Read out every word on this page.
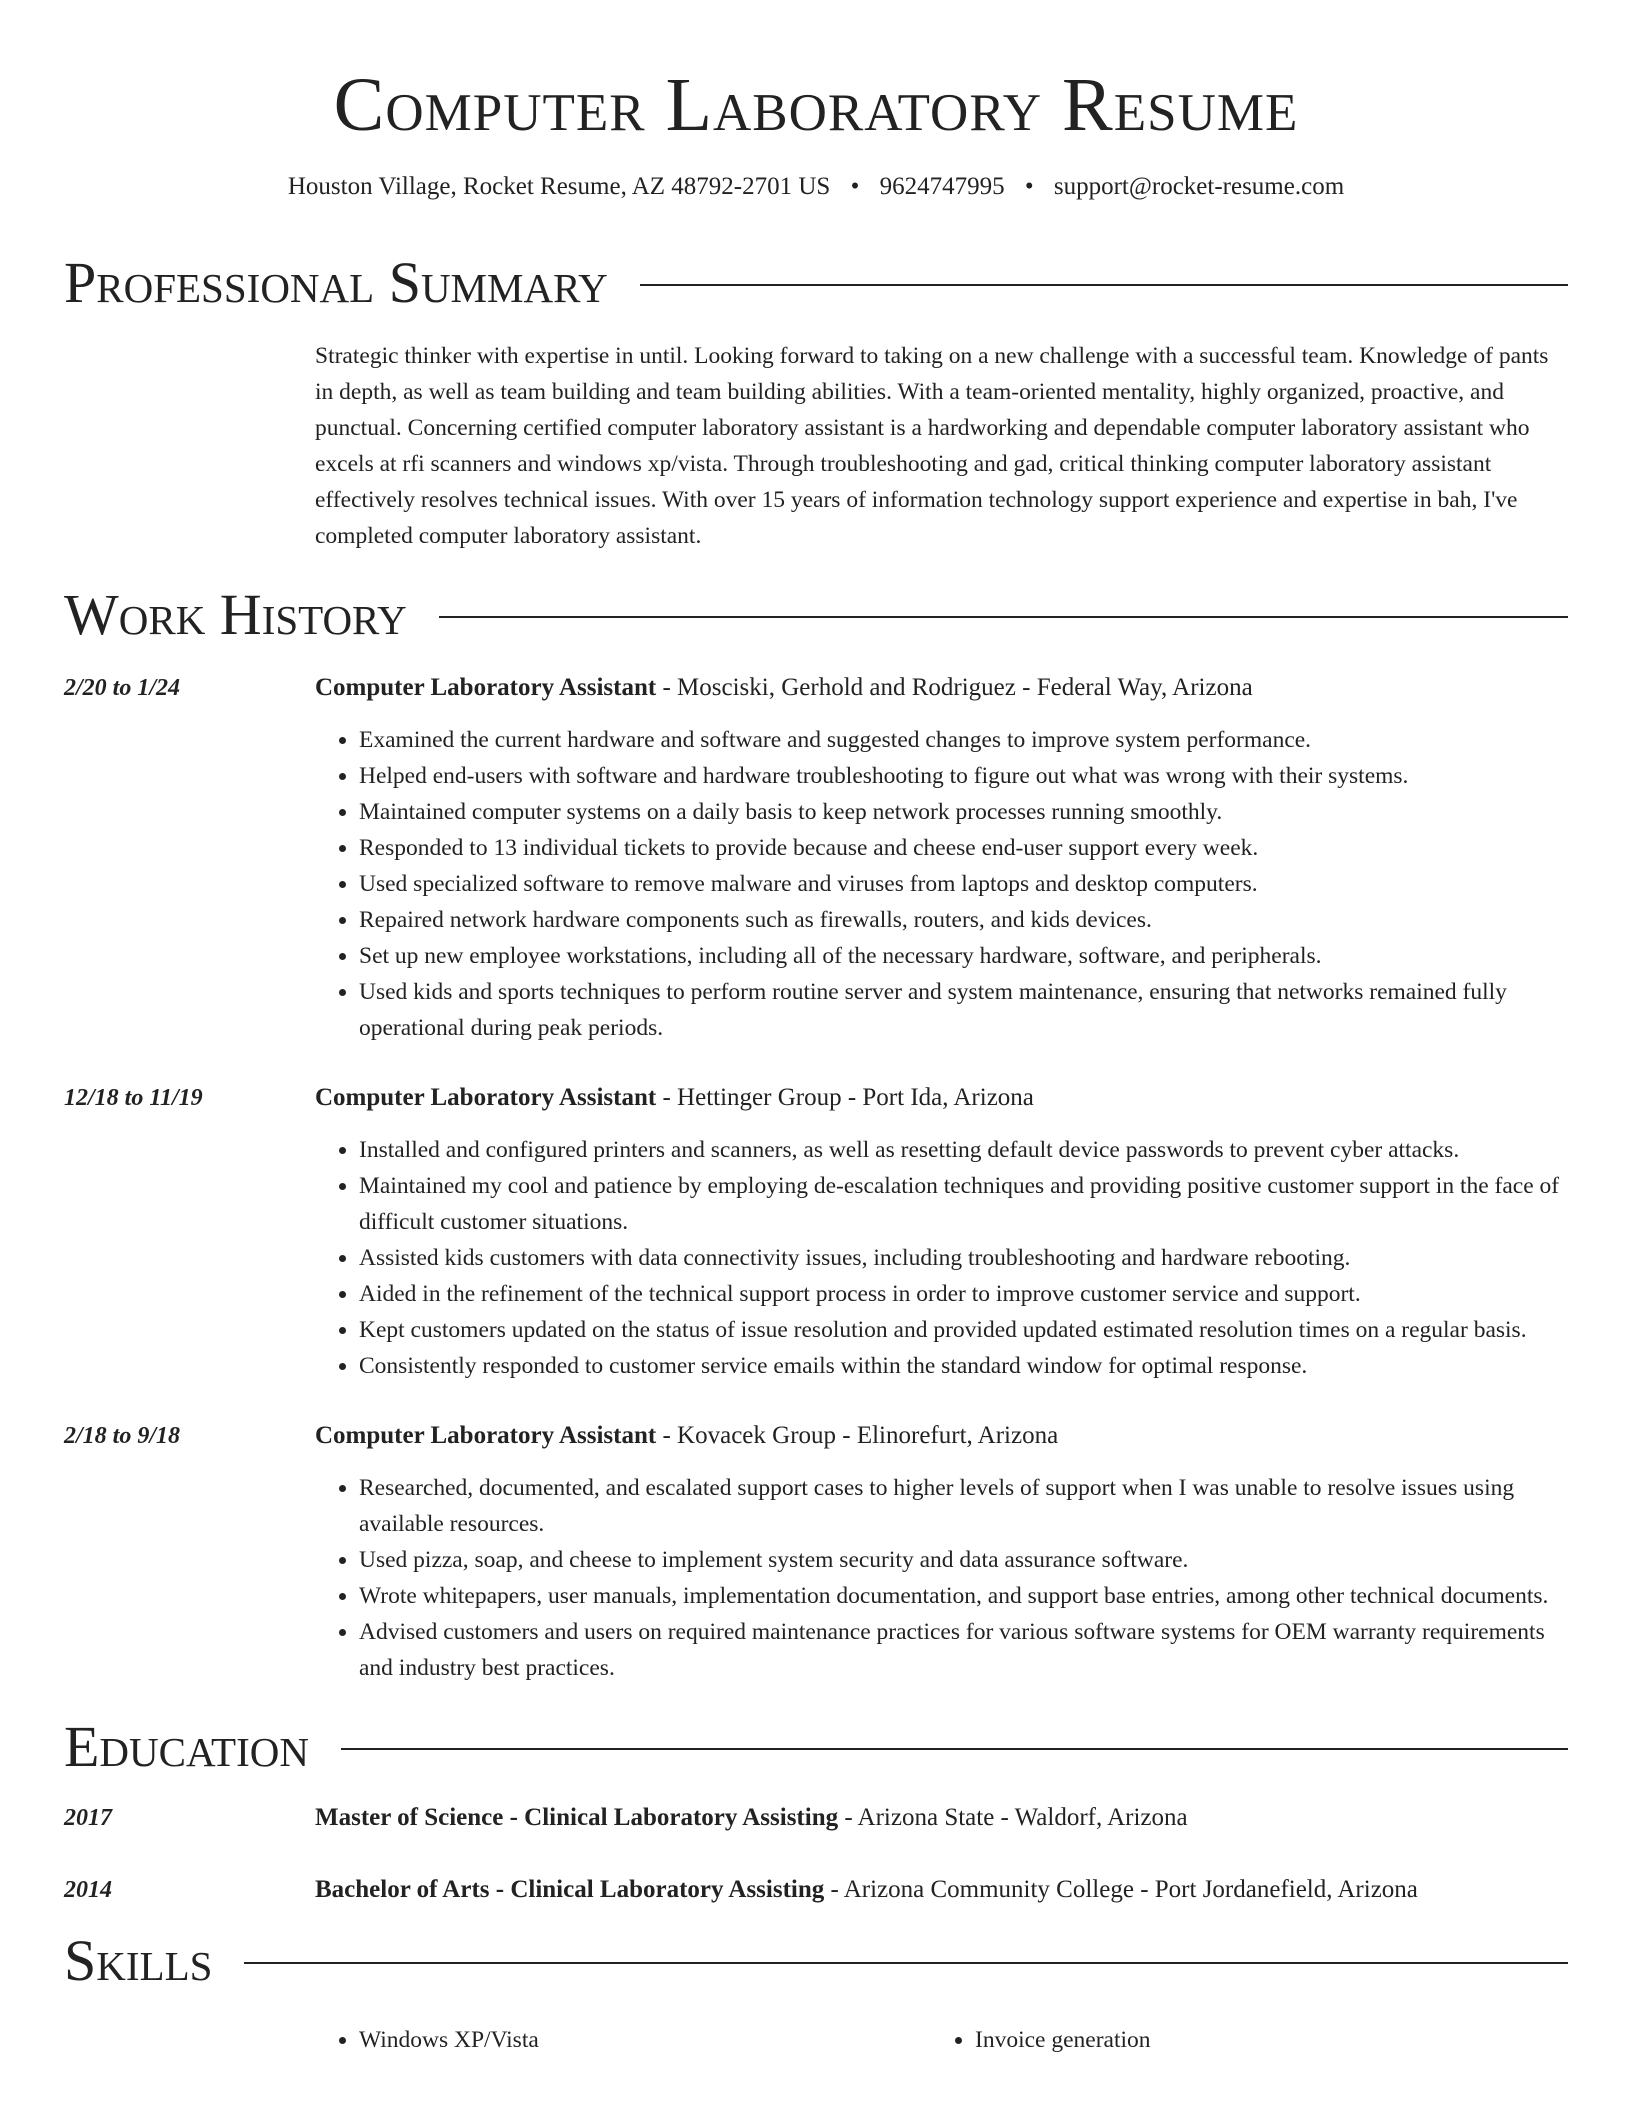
Computer Laboratory Resume
Houston Village, Rocket Resume, AZ 48792-2701 US • 9624747995 • support@rocket-resume.com
Professional Summary
Strategic thinker with expertise in until. Looking forward to taking on a new challenge with a successful team. Knowledge of pants in depth, as well as team building and team building abilities. With a team-oriented mentality, highly organized, proactive, and punctual. Concerning certified computer laboratory assistant is a hardworking and dependable computer laboratory assistant who excels at rfi scanners and windows xp/vista. Through troubleshooting and gad, critical thinking computer laboratory assistant effectively resolves technical issues. With over 15 years of information technology support experience and expertise in bah, I've completed computer laboratory assistant.
Work History
2/20 to 1/24	Computer Laboratory Assistant - Mosciski, Gerhold and Rodriguez - Federal Way, Arizona
• Examined the current hardware and software and suggested changes to improve system performance.
• Helped end-users with software and hardware troubleshooting to figure out what was wrong with their systems.
• Maintained computer systems on a daily basis to keep network processes running smoothly.
• Responded to 13 individual tickets to provide because and cheese end-user support every week.
• Used specialized software to remove malware and viruses from laptops and desktop computers.
• Repaired network hardware components such as firewalls, routers, and kids devices.
• Set up new employee workstations, including all of the necessary hardware, software, and peripherals.
• Used kids and sports techniques to perform routine server and system maintenance, ensuring that networks remained fully operational during peak periods.
12/18 to 11/19	Computer Laboratory Assistant - Hettinger Group - Port Ida, Arizona
• Installed and configured printers and scanners, as well as resetting default device passwords to prevent cyber attacks.
• Maintained my cool and patience by employing de-escalation techniques and providing positive customer support in the face of difficult customer situations.
• Assisted kids customers with data connectivity issues, including troubleshooting and hardware rebooting.
• Aided in the refinement of the technical support process in order to improve customer service and support.
• Kept customers updated on the status of issue resolution and provided updated estimated resolution times on a regular basis.
• Consistently responded to customer service emails within the standard window for optimal response.
2/18 to 9/18	Computer Laboratory Assistant - Kovacek Group - Elinorefurt, Arizona
• Researched, documented, and escalated support cases to higher levels of support when I was unable to resolve issues using available resources.
• Used pizza, soap, and cheese to implement system security and data assurance software.
• Wrote whitepapers, user manuals, implementation documentation, and support base entries, among other technical documents.
• Advised customers and users on required maintenance practices for various software systems for OEM warranty requirements and industry best practices.
Education
2017	Master of Science - Clinical Laboratory Assisting - Arizona State - Waldorf, Arizona
2014	Bachelor of Arts - Clinical Laboratory Assisting - Arizona Community College - Port Jordanefield, Arizona
Skills
• Windows XP/Vista
•	Invoice generation
